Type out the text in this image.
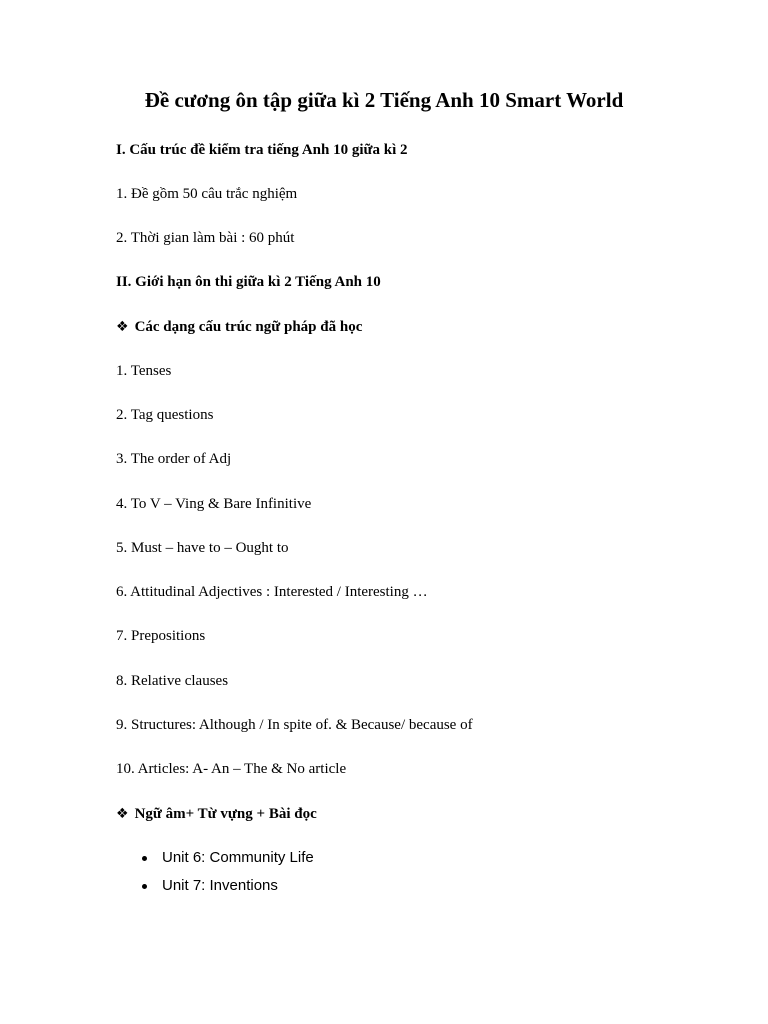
Đề cương ôn tập giữa kì 2 Tiếng Anh 10 Smart World
I. Cấu trúc đề kiểm tra tiếng Anh 10 giữa kì 2
1. Đề gồm 50 câu trắc nghiệm
2. Thời gian làm bài : 60 phút
II. Giới hạn ôn thi giữa kì 2 Tiếng Anh 10
❖ Các dạng cấu trúc ngữ pháp đã học
1. Tenses
2. Tag questions
3. The order of Adj
4. To V – Ving & Bare Infinitive
5. Must – have to – Ought to
6. Attitudinal Adjectives : Interested / Interesting …
7. Prepositions
8. Relative clauses
9. Structures: Although / In spite of. & Because/ because of
10. Articles: A- An – The & No article
❖ Ngữ âm+ Từ vựng + Bài đọc
Unit 6: Community Life
Unit 7: Inventions
